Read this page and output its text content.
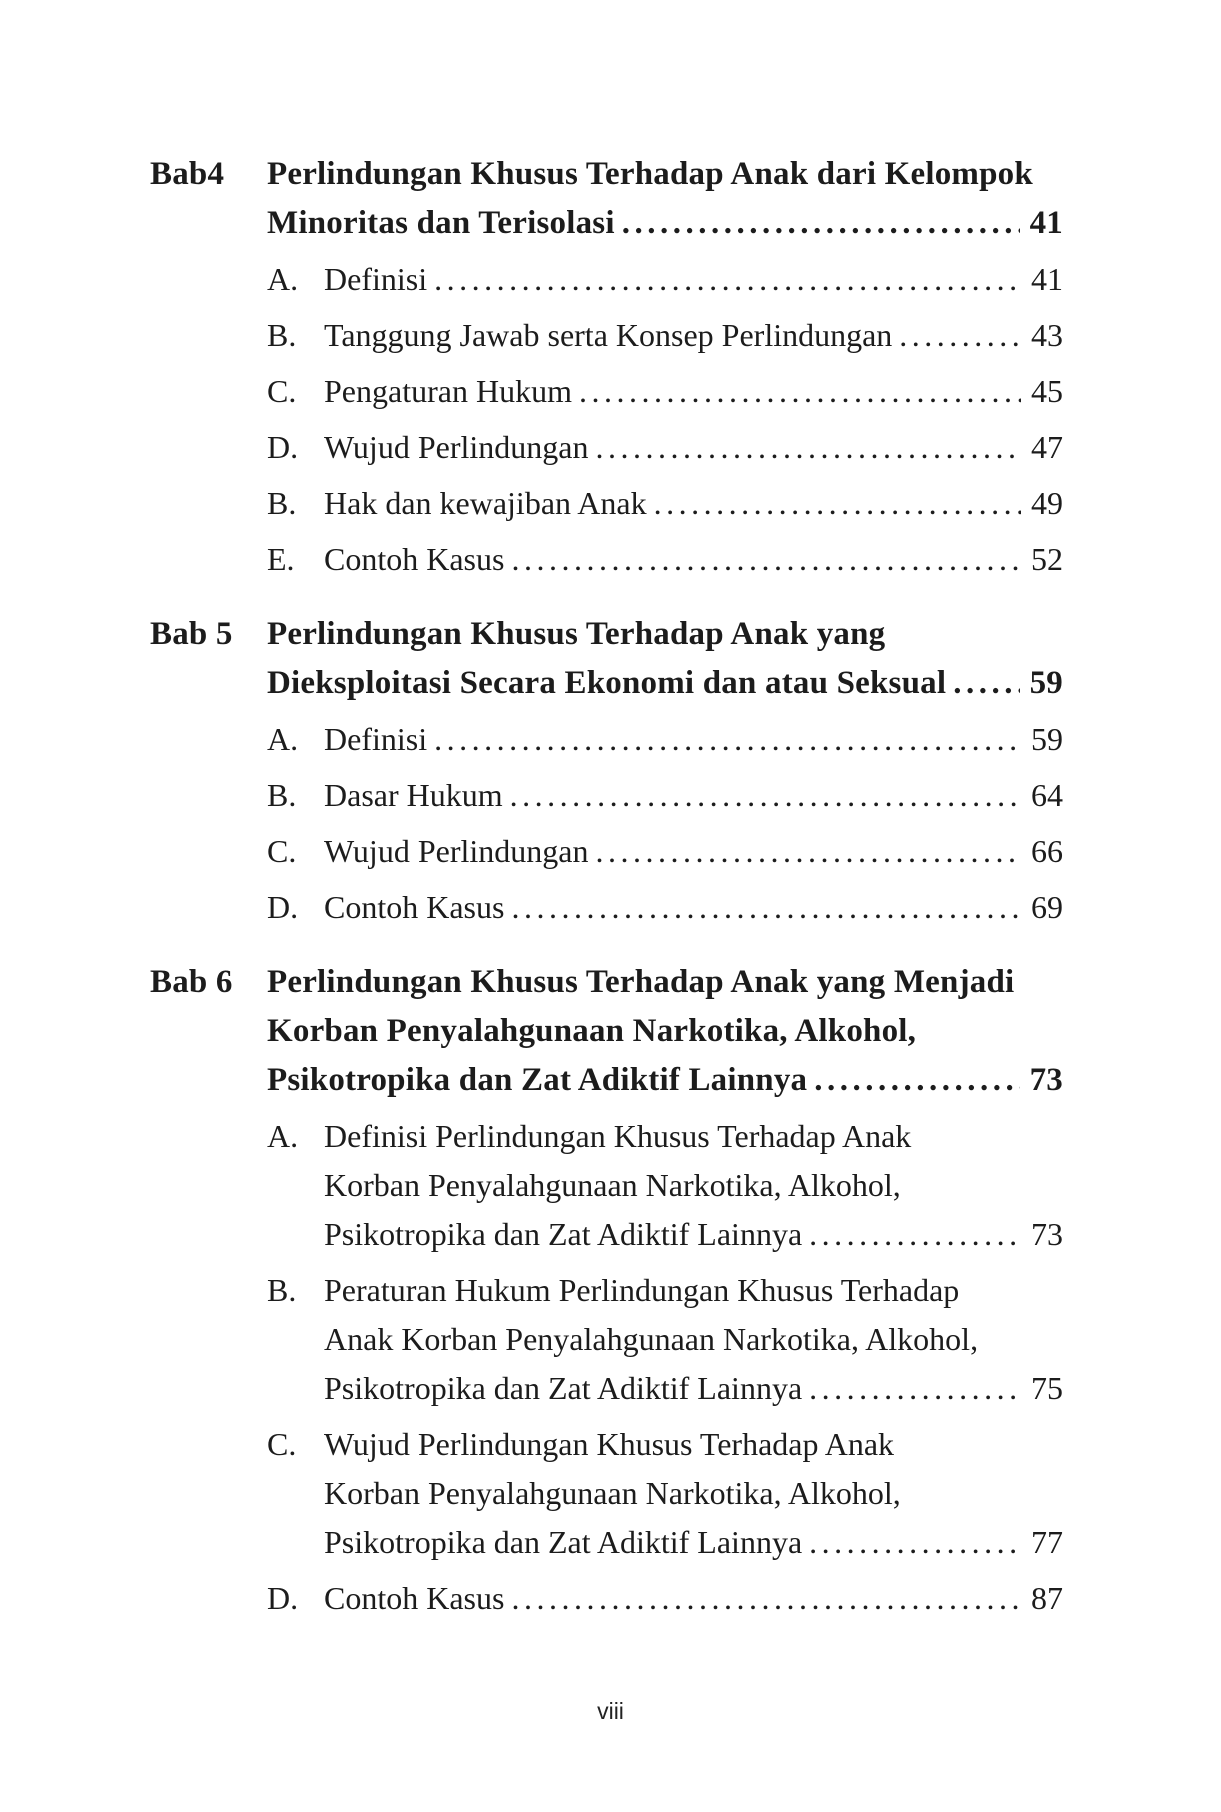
Bab4	Perlindungan Khusus Terhadap Anak dari Kelompok
Minoritas dan Terisolasi .....	41
A. Definisi .....	41
B. Tanggung Jawab serta Konsep Perlindungan .....	43
C. Pengaturan Hukum .....	45
D. Wujud Perlindungan .....	47
B. Hak dan kewajiban Anak .....	49
E. Contoh Kasus .....	52
Bab 5	Perlindungan Khusus Terhadap Anak yang
Dieksploitasi Secara Ekonomi dan atau Seksual .....	59
A. Definisi .....	59
B. Dasar Hukum .....	64
C. Wujud Perlindungan .....	66
D. Contoh Kasus .....	69
Bab 6	Perlindungan Khusus Terhadap Anak yang Menjadi
Korban Penyalahgunaan Narkotika, Alkohol,
Psikotropika dan Zat Adiktif Lainnya .....	73
A. Definisi Perlindungan Khusus Terhadap Anak
Korban Penyalahgunaan Narkotika, Alkohol,
Psikotropika dan Zat Adiktif Lainnya .....	73
B. Peraturan Hukum Perlindungan Khusus Terhadap
Anak Korban Penyalahgunaan Narkotika, Alkohol,
Psikotropika dan Zat Adiktif Lainnya .....	75
C. Wujud Perlindungan Khusus Terhadap Anak
Korban Penyalahgunaan Narkotika, Alkohol,
Psikotropika dan Zat Adiktif Lainnya .....	77
D. Contoh Kasus .....	87
viii
